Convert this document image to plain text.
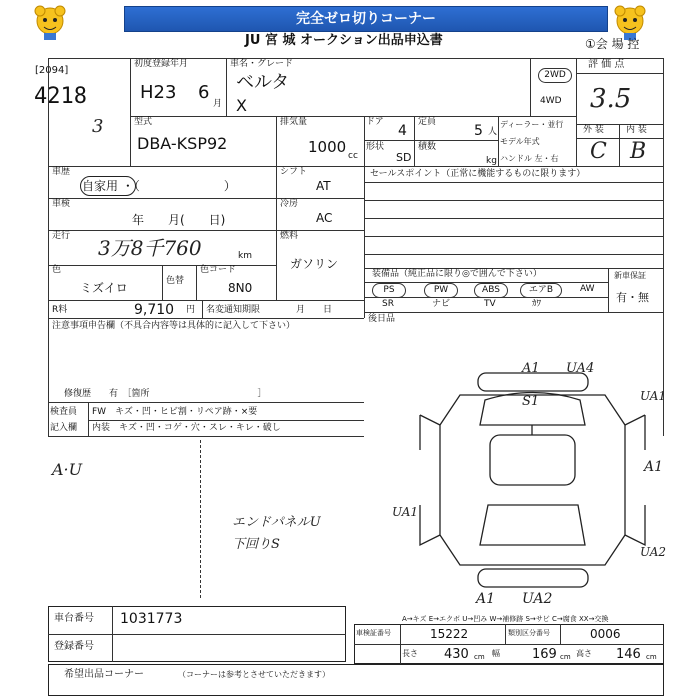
完全ゼロ切りコーナー
JU 宮 城 オークション出品申込書	①会 場 控
[2094]
4218
3
初度登録年月
H23 6
月
車名・グレード
ベルタ
X
2WD
4WD
評 価 点
3.5
型式
DBA-KSP92
排気量
1000 cc
ドア
4
定員
5 人
形状
SD
積数
kg
ディーラー・並行
モデル年式
ハンドル 左・右
外 装 内 装
C B
車歴
自家用 ・（　　　　　　　）
シフト
AT
車検
年　　月(　　日)
冷房
AC
走行 3万8千760	km
燃料
ガソリン
色
ミズイロ	色替
色コード
8N0
R料	9,710 円 名変通知期限	月　　日
セールスポイント（正常に機能するものに限ります）
装備品（純正品に限り◎で囲んで下さい）	新車保証
有・無
後日品
PS	PW	ABS	エアB	AW
SR	ナビ	TV	ｶﾜ
注意事項申告欄（不具合内容等は具体的に記入して下さい）
修復歴　　有　［箇所　　　　　　　　　　　　］
検査員
記入欄
FW　キズ・凹・ヒビ割・リペア跡・×要
内装　キズ・凹・コゲ・穴・スレ・キレ・破し
A·U
エンドパネルU
下回りS
A1 UA4
S1	UA1
A1
UA1
UA2
A1 UA2
A→キズ E→エクボ U→凹み W→補修跡 S→サビ C→腐食 XX→交換
車検証番号	15222	類別区分番号	0006
長さ 430 cm 幅 169 cm 高さ 146 cm
車台番号 1031773
登録番号
希望出品コーナー	（コーナーは参考とさせていただきます）
